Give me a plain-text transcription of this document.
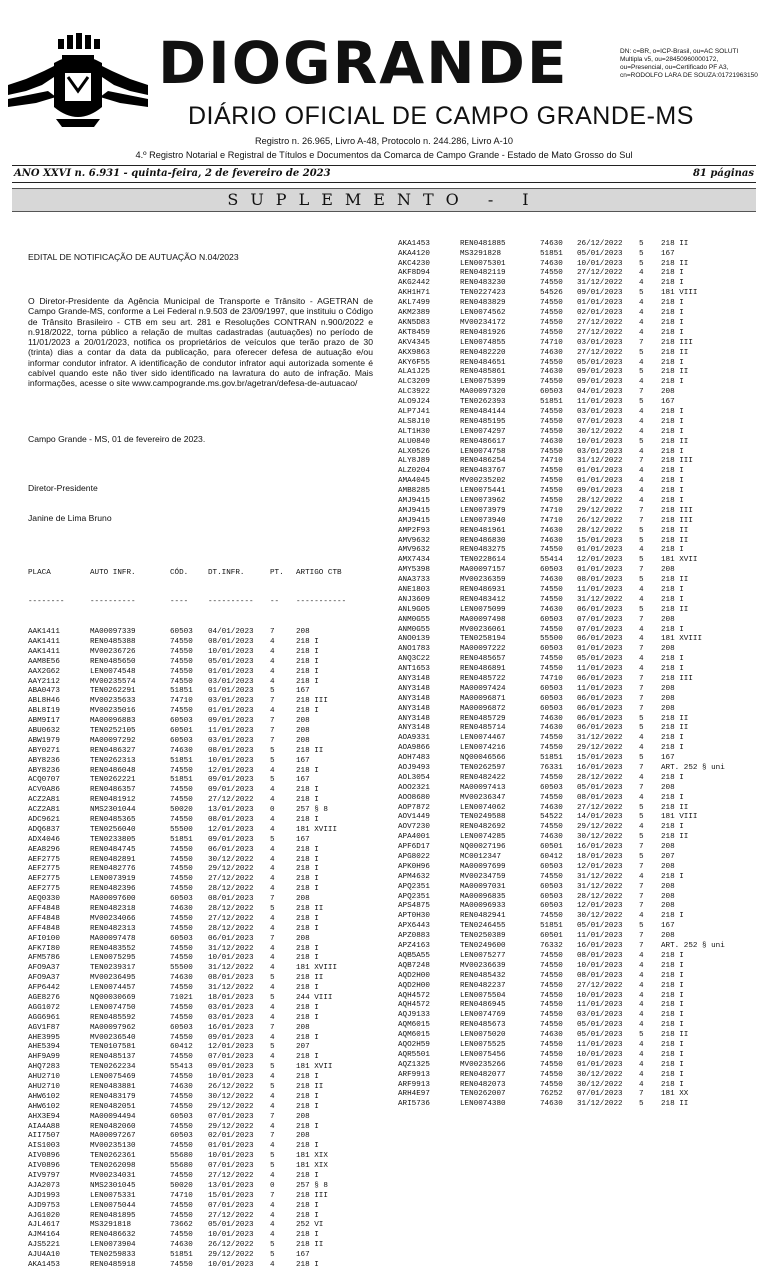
DIOGRANDE
DIÁRIO OFICIAL DE CAMPO GRANDE-MS
DN: c=BR, o=ICP-Brasil, ou=AC SOLUTI Multipla v5, ou=28450960000172, ou=Presencial, ou=Certificado PF A3, cn=RODOLFO LARA DE SOUZA:01721963150
Registro n. 26.965, Livro A-48, Protocolo n. 244.286, Livro A-10
4.º Registro Notarial e Registral de Títulos e Documentos da Comarca de Campo Grande - Estado de Mato Grosso do Sul
ANO XXVI n. 6.931 - quinta-feira, 2 de fevereiro de 2023	81 páginas
SUPLEMENTO - I

EDITAL DE NOTIFICAÇÃO DE AUTUAÇÃO N.04/2023

O Diretor-Presidente da Agência Municipal de Transporte e Trânsito - AGETRAN de Campo Grande-MS, conforme a Lei Federal n.9.503 de 23/09/1997, que instituiu o Código de Trânsito Brasileiro - CTB em seu art. 281 e Resoluções CONTRAN n.900/2022 e n.918/2022, torna público a relação de multas cadastradas (autuações) no período de 11/01/2023 a 20/01/2023, notifica os proprietários de veículos que terão prazo de 30 (trinta) dias a contar da data da publicação, para oferecer defesa de autuação e/ou informar condutor infrator. A identificação de condutor infrator aqui autorizada somente é cabível quando este não tiver sido identificado na lavratura do auto de infração. Mais informações, acesse o site www.campogrande.ms.gov.br/agetran/defesa-de-autuacao/

Campo Grande - MS, 01 de fevereiro de 2023.

Diretor-Presidente

Janine de Lima Bruno

PLACA	AUTO INFR.	CÓD.	DT.INFR.	PT.	ARTIGO CTB

--------	----------	----	----------	--	-----------

AAK1411	MA00097339	60503	04/01/2023	7	208
AAK1411	REN0485388	74550	08/01/2023	4	218 I
AAK1411	MV00236726	74550	10/01/2023	4	218 I
AAM8E56	REN0485650	74550	05/01/2023	4	218 I
AAX2G62	LEN0074548	74550	01/01/2023	4	218 I
AAY2112	MV00235574	74550	03/01/2023	4	218 I
ABA0473	TEN0262291	51851	01/01/2023	5	167
ABL8H46	MV00235633	74710	03/01/2023	7	218 III
ABL8I19	MV00235016	74550	01/01/2023	4	218 I
ABM9I17	MA00096883	60503	09/01/2023	7	208
ABU0632	TEN0252105	60501	11/01/2023	7	208
ABW1979	MA00097292	60503	03/01/2023	7	208
ABY0271	REN0486327	74630	08/01/2023	5	218 II
ABY8236	TEN0262313	51851	10/01/2023	5	167
ABY8236	REN0486048	74550	12/01/2023	4	218 I
ACQ0707	TEN0262221	51851	09/01/2023	5	167
ACV0A86	REN0486357	74550	09/01/2023	4	218 I
ACZ2A81	REN0481912	74550	27/12/2022	4	218 I
ACZ2A81	NMS2301044	50020	13/01/2023	0	257 § 8
ADC9621	REN0485365	74550	08/01/2023	4	218 I
ADQ6837	TEN0256040	55500	12/01/2023	4	181 XVIII
ADX4046	TEN0233805	51851	09/01/2023	5	167
AEA8296	REN0484745	74550	06/01/2023	4	218 I
AEF2775	REN0482891	74550	30/12/2022	4	218 I
AEF2775	REN0482776	74550	29/12/2022	4	218 I
AEF2775	LEN0073919	74550	27/12/2022	4	218 I
AEF2775	REN0482396	74550	28/12/2022	4	218 I
AEQ0330	MA00097600	60503	08/01/2023	7	208
AFF4848	REN0482318	74630	28/12/2022	5	218 II
AFF4848	MV00234066	74550	27/12/2022	4	218 I
AFF4848	REN0482313	74550	28/12/2022	4	218 I
AFI0100	MA00097478	60503	06/01/2023	7	208
AFK7I80	REN0483552	74550	31/12/2022	4	218 I
AFM5786	LEN0075295	74550	10/01/2023	4	218 I
AFO9A37	TEN0239317	55500	31/12/2022	4	181 XVIII
AFO9A37	MV00236495	74630	08/01/2023	5	218 II
AFP6442	LEN0074457	74550	31/12/2022	4	218 I
AGE8276	NQ00030669	71021	18/01/2023	5	244 VIII
AGG1072	LEN0074750	74550	03/01/2023	4	218 I
AGG6961	REN0485592	74550	03/01/2023	4	218 I
AGV1F87	MA00097962	60503	16/01/2023	7	208
AHE3995	MV00236540	74550	09/01/2023	4	218 I
AHE5394	TEN0107581	60412	12/01/2023	5	207
AHF9A99	REN0485137	74550	07/01/2023	4	218 I
AHQ7283	TEN0262234	55413	09/01/2023	5	181 XVII
AHU2710	LEN0075469	74550	10/01/2023	4	218 I
AHU2710	REN0483881	74630	26/12/2022	5	218 II
AHW6102	REN0483179	74550	30/12/2022	4	218 I
AHW6102	REN0482051	74550	29/12/2022	4	218 I
AHX3E94	MA00094494	60503	07/01/2023	7	208
AIA4A88	REN0482060	74550	29/12/2022	4	218 I
AII7507	MA00097267	60503	02/01/2023	7	208
AIS1003	MV00235130	74550	01/01/2023	4	218 I
AIV0896	TEN0262361	55680	10/01/2023	5	181 XIX
AIV0896	TEN0262098	55680	07/01/2023	5	181 XIX
AIV9797	MV00234031	74550	27/12/2022	4	218 I
AJA2073	NMS2301045	50020	13/01/2023	0	257 § 8
AJD1993	LEN0075331	74710	15/01/2023	7	218 III
AJD9753	LEN0075044	74550	07/01/2023	4	218 I
AJG1020	REN0481895	74550	27/12/2022	4	218 I
AJL4617	MS3291818	73662	05/01/2023	4	252 VI
AJM4164	REN0486632	74550	10/01/2023	4	218 I
AJS5221	LEN0073904	74630	26/12/2022	5	218 II
AJU4A10	TEN0259833	51851	29/12/2022	5	167
AKA1453	REN0485918	74550	10/01/2023	4	218 I

AKA1453	REN0481885	74630	26/12/2022	5	218 II
AKA4120	MS3291828	51851	05/01/2023	5	167
AKC4230	LEN0075301	74630	10/01/2023	5	218 II
AKF8D94	REN0482119	74550	27/12/2022	4	218 I
AKG2442	REN0483230	74550	31/12/2022	4	218 I
AKH1H71	TEN0227423	54526	09/01/2023	5	181 VIII
AKL7499	REN0483829	74550	01/01/2023	4	218 I
AKM2389	LEN0074562	74550	02/01/2023	4	218 I
AKN5D83	MV00234172	74550	27/12/2022	4	218 I
AKT8459	REN0481926	74550	27/12/2022	4	218 I
AKV4345	LEN0074855	74710	03/01/2023	7	218 III
AKX9863	REN0482220	74630	27/12/2022	5	218 II
AKY6F55	REN0484651	74550	05/01/2023	4	218 I
ALA1J25	REN0485861	74630	09/01/2023	5	218 II
ALC3209	LEN0075399	74550	09/01/2023	4	218 I
ALC3922	MA00097320	60503	04/01/2023	7	208
ALO9J24	TEN0262393	51851	11/01/2023	5	167
ALP7J41	REN0484144	74550	03/01/2023	4	218 I
ALS8J10	REN0485195	74550	07/01/2023	4	218 I
ALT1H30	LEN0074297	74550	30/12/2022	4	218 I
ALU0840	REN0486617	74630	10/01/2023	5	218 II
ALX0526	LEN0074758	74550	03/01/2023	4	218 I
ALY8J89	REN0486254	74710	31/12/2022	7	218 III
ALZ0204	REN0483767	74550	01/01/2023	4	218 I
AMA4045	MV00235202	74550	01/01/2023	4	218 I
AMB8285	LEN0075441	74550	09/01/2023	4	218 I
AMJ9415	LEN0073962	74550	28/12/2022	4	218 I
AMJ9415	LEN0073979	74710	29/12/2022	7	218 III
AMJ9415	LEN0073940	74710	26/12/2022	7	218 III
AMP2F93	REN0481961	74630	28/12/2022	5	218 II
AMV9632	REN0486830	74630	15/01/2023	5	218 II
AMV9632	REN0483275	74550	01/01/2023	4	218 I
AMX7434	TEN0228614	55414	12/01/2023	5	181 XVII
AMY5398	MA00097157	60503	01/01/2023	7	208
ANA3733	MV00236359	74630	08/01/2023	5	218 II
ANE1803	REN0486931	74550	11/01/2023	4	218 I
ANJ3609	REN0483412	74550	31/12/2022	4	218 I
ANL9G05	LEN0075099	74630	06/01/2023	5	218 II
ANM0G55	MA00097498	60503	07/01/2023	7	208
ANM0G55	MV00236061	74550	07/01/2023	4	218 I
ANO0139	TEN0258194	55500	06/01/2023	4	181 XVIII
ANO1783	MA00097222	60503	01/01/2023	7	208
ANQ3C22	REN0485657	74550	05/01/2023	4	218 I
ANT1653	REN0486891	74550	11/01/2023	4	218 I
ANY3148	REN0485722	74710	06/01/2023	7	218 III
ANY3148	MA00097424	60503	11/01/2023	7	208
ANY3148	MA00096871	60503	06/01/2023	7	208
ANY3148	MA00096872	60503	06/01/2023	7	208
ANY3148	REN0485729	74630	06/01/2023	5	218 II
ANY3148	REN0485714	74630	06/01/2023	5	218 II
AOA9331	LEN0074467	74550	31/12/2022	4	218 I
AOA9866	LEN0074216	74550	29/12/2022	4	218 I
AOH7483	NQ00046566	51851	15/01/2023	5	167
AOJ9493	TEN0262597	76331	16/01/2023	7	ART. 252 § uni
AOL3054	REN0482422	74550	28/12/2022	4	218 I
AOO2321	MA00097413	60503	05/01/2023	7	208
AOO8680	MV00236347	74550	08/01/2023	4	218 I
AOP7872	LEN0074062	74630	27/12/2022	5	218 II
AOV1449	TEN0249588	54522	14/01/2023	5	181 VIII
AOV7230	REN0482692	74550	29/12/2022	4	218 I
APA4001	LEN0074285	74630	30/12/2022	5	218 II
APF6D17	NQ00027196	60501	16/01/2023	7	208
APG8022	MC0012347	60412	18/01/2023	5	207
APK0H96	MA00097699	60503	12/01/2023	7	208
APM4632	MV00234759	74550	31/12/2022	4	218 I
APQ2351	MA00097031	60503	31/12/2022	7	208
APQ2351	MA00096835	60503	28/12/2022	7	208
APS4875	MA00096933	60503	12/01/2023	7	208
APT0H30	REN0482941	74550	30/12/2022	4	218 I
APX6443	TEN0246455	51851	05/01/2023	5	167
APZ0883	TEN0250389	60501	11/01/2023	7	208
APZ4163	TEN0249600	76332	16/01/2023	7	ART. 252 § uni
AQB5A55	LEN0075277	74550	08/01/2023	4	218 I
AQB7248	MV00236639	74550	10/01/2023	4	218 I
AQD2H00	REN0485432	74550	08/01/2023	4	218 I
AQD2H00	REN0482237	74550	27/12/2022	4	218 I
AQH4572	LEN0075504	74550	10/01/2023	4	218 I
AQH4572	REN0486945	74550	11/01/2023	4	218 I
AQJ9133	LEN0074769	74550	03/01/2023	4	218 I
AQM6015	REN0485673	74550	05/01/2023	4	218 I
AQM6015	LEN0075020	74630	05/01/2023	5	218 II
AQO2H59	LEN0075525	74550	11/01/2023	4	218 I
AQR5501	LEN0075456	74550	10/01/2023	4	218 I
AQZ1325	MV00235266	74550	01/01/2023	4	218 I
ARF9913	REN0482077	74550	30/12/2022	4	218 I
ARF9913	REN0482073	74550	30/12/2022	4	218 I
ARH4E97	TEN0262007	76252	07/01/2023	7	181 XX
ARI5736	LEN0074380	74630	31/12/2022	5	218 II
